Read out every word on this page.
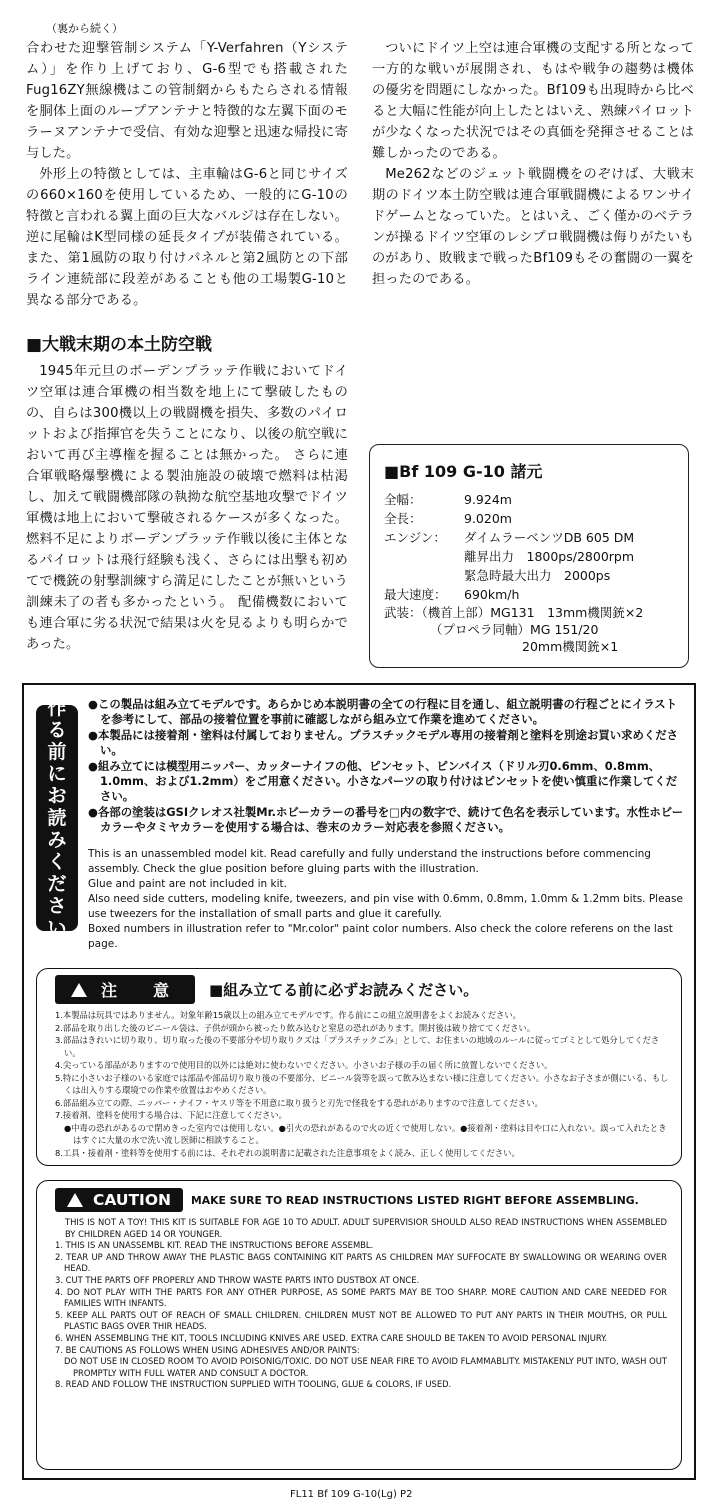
（裏から続く）

合わせた迎撃管制システム「Y-Verfahren（Yシステム）」を作り上げており、G-6型でも搭載されたFug16ZY無線機はこの管制網からもたらされる情報を胴体上面のループアンテナと特徴的な左翼下面のモラーヌアンテナで受信、有効な迎撃と迅速な帰投に寄与した。

外形上の特徴としては、主車輪はG-6と同じサイズの660×160を使用しているため、一般的にG-10の特徴と言われる翼上面の巨大なバルジは存在しない。逆に尾輪はK型同様の延長タイプが装備されている。また、第1風防の取り付けパネルと第2風防との下部ライン連続部に段差があることも他の工場製G-10と異なる部分である。

ついにドイツ上空は連合軍機の支配する所となって一方的な戦いが展開され、もはや戦争の趨勢は機体の優劣を問題にしなかった。Bf109も出現時から比べると大幅に性能が向上したとはいえ、熟練パイロットが少なくなった状況ではその真価を発揮させることは難しかったのである。

Me262などのジェット戦闘機をのぞけば、大戦末期のドイツ本土防空戦は連合軍戦闘機によるワンサイドゲームとなっていた。とはいえ、ごく僅かのベテランが操るドイツ空軍のレシプロ戦闘機は侮りがたいものがあり、敗戦まで戦ったBf109もその奮闘の一翼を担ったのである。

■大戦末期の本土防空戦

1945年元旦のボーデンプラッテ作戦においてドイツ空軍は連合軍機の相当数を地上にて撃破したものの、自らは300機以上の戦闘機を損失、多数のパイロットおよび指揮官を失うことになり、以後の航空戦において再び主導権を握ることは無かった。 さらに連合軍戦略爆撃機による製油施設の破壊で燃料は枯渇し、加えて戦闘機部隊の執拗な航空基地攻撃でドイツ軍機は地上において撃破されるケースが多くなった。燃料不足によりボーデンプラッテ作戦以後に主体となるパイロットは飛行経験も浅く、さらには出撃も初めてで機銃の射撃訓練すら満足にしたことが無いという訓練未了の者も多かったという。 配備機数においても連合軍に劣る状況で結果は火を見るよりも明らかであった。

■Bf 109 G-10 諸元
全幅：	9.924m
全長：	9.020m
エンジン：	ダイムラーベンツDB 605 DM
離昇出力　1800ps/2800rpm
緊急時最大出力　2000ps
最大速度：	690km/h
武装：（機首上部）MG131　13mm機関銃×2
（プロペラ同軸）MG 151/20
20mm機関銃×1
作
る
前
に
お
読
み
く
だ
さ
い
●この製品は組み立てモデルです。あらかじめ本説明書の全ての行程に目を通し、組立説明書の行程ごとにイラストを参考にして、部品の接着位置を事前に確認しながら組み立て作業を進めてください。
●本製品には接着剤・塗料は付属しておりません。プラスチックモデル専用の接着剤と塗料を別途お買い求めください。
●組み立てには模型用ニッパー、カッターナイフの他、ピンセット、ピンバイス（ドリル刃0.6mm、0.8mm、1.0mm、および1.2mm）をご用意ください。小さなパーツの取り付けはピンセットを使い慎重に作業してください。
●各部の塗装はGSIクレオス社製Mr.ホビーカラーの番号を□内の数字で、続けて色名を表示しています。水性ホビーカラーやタミヤカラーを使用する場合は、巻末のカラー対応表を参照ください。
This is an unassembled model kit. Read carefully and fully understand the instructions before commencing assembly. Check the glue position before gluing parts with the illustration.
Glue and paint are not included in kit.
Also need side cutters, modeling knife, tweezers, and pin vise with 0.6mm, 0.8mm, 1.0mm & 1.2mm bits. Please use tweezers for the installation of small parts and glue it carefully.
Boxed numbers in illustration refer to "Mr.color" paint color numbers. Also check the colore referens on the last page.
注　意 ■組み立てる前に必ずお読みください。
1.本製品は玩具ではありません。対象年齢15歳以上の組み立てモデルです。作る前にこの組立説明書をよくお読みください。
2.部品を取り出した後のビニール袋は、子供が頭から被ったり飲み込むと窒息の恐れがあります。開封後は破り捨ててください。
3.部品はきれいに切り取り、切り取った後の不要部分や切り取りクズは「プラスチックごみ」として、お住まいの地域のルールに従ってゴミとして処分してください。
4.尖っている部品がありますので使用目的以外には絶対に使わないでください。小さいお子様の手の届く所に放置しないでください。
5.特に小さいお子様のいる家庭では部品や部品切り取り後の不要部分、ビニール袋等を誤って飲み込まない様に注意してください。小さなお子さまが側にいる、もしくは出入りする環境での作業や放置はおやめください。
6.部品組み立ての際、ニッパー・ナイフ・ヤスリ等を不用意に取り扱うと刃先で怪我をする恐れがありますので注意してください。
7.接着剤、塗料を使用する場合は、下記に注意してください。
●中毒の恐れがあるので閉めきった室内では使用しない。●引火の恐れがあるので火の近くで使用しない。●接着剤・塗料は目や口に入れない。誤って入れたときはすぐに大量の水で洗い流し医師に相談すること。
8.工具・接着剤・塗料等を使用する前には、それぞれの説明書に記載された注意事項をよく読み、正しく使用してください。
CAUTION MAKE SURE TO READ INSTRUCTIONS LISTED RIGHT BEFORE ASSEMBLING.
THIS IS NOT A TOY! THIS KIT IS SUITABLE FOR AGE 10 TO ADULT. ADULT SUPERVISIOR SHOULD ALSO READ INSTRUCTIONS WHEN ASSEMBLED BY CHILDREN AGED 14 OR YOUNGER.
1. THIS IS AN UNASSEMBL KIT. READ THE INSTRUCTIONS BEFORE ASSEMBL.
2. TEAR UP AND THROW AWAY THE PLASTIC BAGS CONTAINING KIT PARTS AS CHILDREN MAY SUFFOCATE BY SWALLOWING OR WEARING OVER HEAD.
3. CUT THE PARTS OFF PROPERLY AND THROW WASTE PARTS INTO DUSTBOX AT ONCE.
4. DO NOT PLAY WITH THE PARTS FOR ANY OTHER PURPOSE, AS SOME PARTS MAY BE TOO SHARP. MORE CAUTION AND CARE NEEDED FOR FAMILIES WITH INFANTS.
5. KEEP ALL PARTS OUT OF REACH OF SMALL CHILDREN. CHILDREN MUST NOT BE ALLOWED TO PUT ANY PARTS IN THEIR MOUTHS, OR PULL PLASTIC BAGS OVER THIR HEADS.
6. WHEN ASSEMBLING THE KIT, TOOLS INCLUDING KNIVES ARE USED. EXTRA CARE SHOULD BE TAKEN TO AVOID PERSONAL INJURY.
7. BE CAUTIONS AS FOLLOWS WHEN USING ADHESIVES AND/OR PAINTS:
DO NOT USE IN CLOSED ROOM TO AVOID POISONIG/TOXIC. DO NOT USE NEAR FIRE TO AVOID FLAMMABLITY. MISTAKENLY PUT INTO, WASH OUT PROMPTLY WITH FULL WATER AND CONSULT A DOCTOR.
8. READ AND FOLLOW THE INSTRUCTION SUPPLIED WITH TOOLING, GLUE & COLORS, IF USED.
FL11 Bf 109 G-10(Lg) P2
